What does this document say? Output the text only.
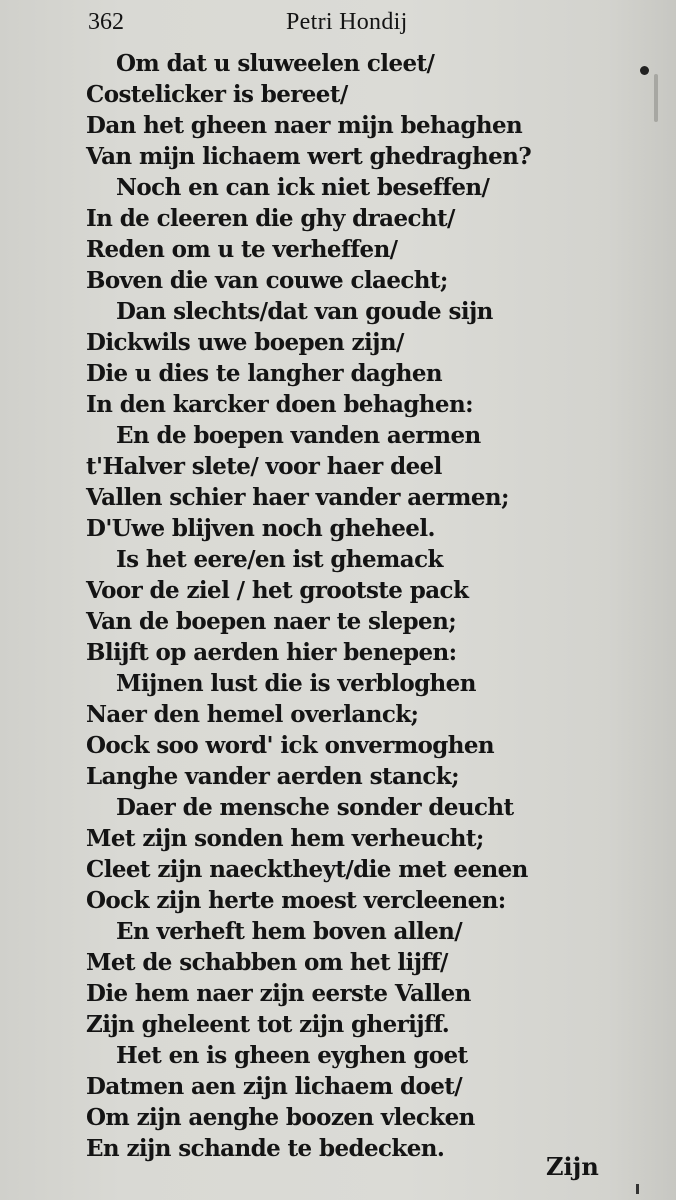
362	Petri Hondij
Om dat u sluweelen cleet/
Costelicker is bereet/
Dan het gheen naer mijn behaghen
Van mijn lichaem wert ghedraghen?
Noch en can ick niet beseffen/
In de cleeren die ghy draecht/
Reden om u te verheffen/
Boven die van couwe claecht;
Dan slechts/dat van goude sijn
Dickwils uwe boepen zijn/
Die u dies te langher daghen
In den karcker doen behaghen:
En de boepen vanden aermen
t'Halver slete/ voor haer deel
Vallen schier haer vander aermen;
D'Uwe blijven noch gheheel.
Is het eere/en ist ghemack
Voor de ziel / het grootste pack
Van de boepen naer te slepen;
Blijft op aerden hier benepen:
Mijnen lust die is verbloghen
Naer den hemel overlanck;
Oock soo word' ick onvermoghen
Langhe vander aerden stanck;
Daer de mensche sonder deucht
Met zijn sonden hem verheucht;
Cleet zijn naecktheyt/die met eenen
Oock zijn herte moest vercleenen:
En verheft hem boven allen/
Met de schabben om het lijff/
Die hem naer zijn eerste Vallen
Zijn gheleent tot zijn gherijff.
Het en is gheen eyghen goet
Datmen aen zijn lichaem doet/
Om zijn aenghe boozen vlecken
En zijn schande te bedecken.
Zijn
